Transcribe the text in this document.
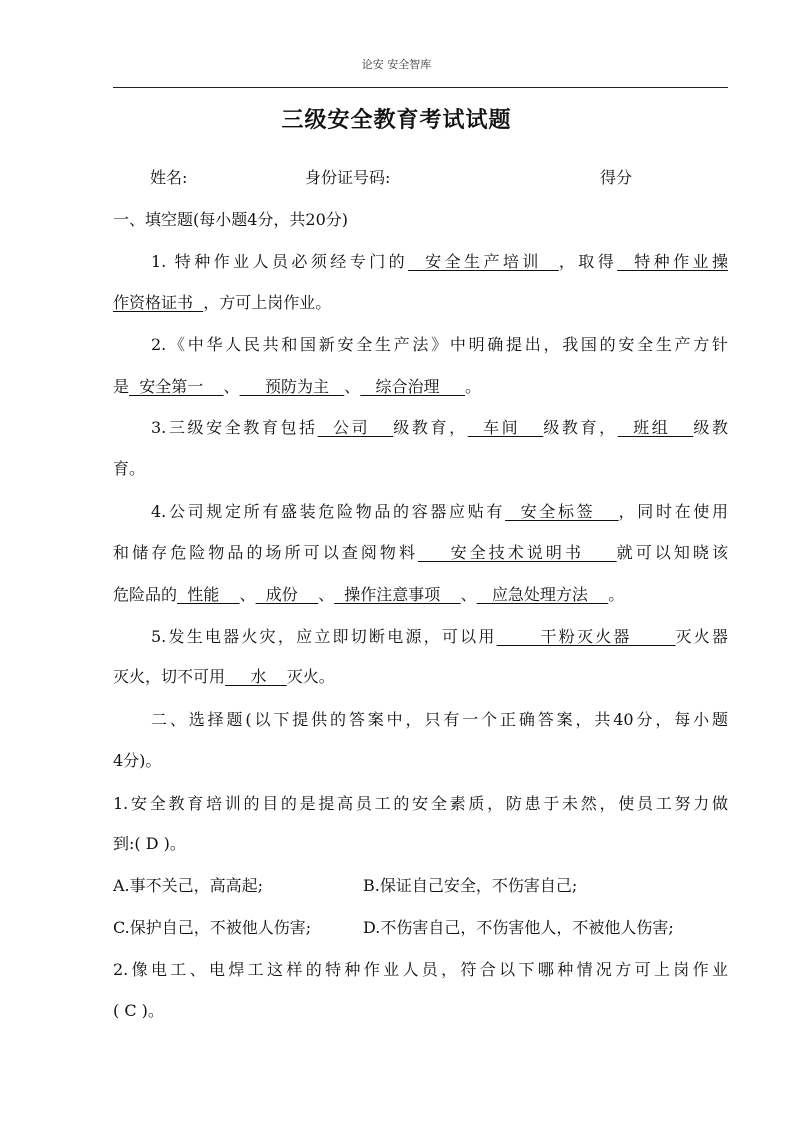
论安 安全智库
三级安全教育考试试题
姓名:	身份证号码:	得分
一、填空题(每小题4分，共20分)
1. 特种作业人员必须经专门的  安全生产培训  ，取得  特种作业操
作资格证书  ，方可上岗作业。
2.《中华人民共和国新安全生产法》中明确提出，我国的安全生产方针
是  安全第一    、     预防为主   、   综合治理     。
3.三级安全教育包括  公司   级教育，  车间   级教育，  班组   级教
育。
4.公司规定所有盛装危险物品的容器应贴有  安全标签   ，同时在使用
和储存危险物品的场所可以查阅物料    安全技术说明书    就可以知晓该
危险品的  性能    、  成份    、  操作注意事项    、   应急处理方法    。
5.发生电器火灾，应立即切断电源，可以用      干粉灭火器      灭火器
灭火，切不可用     水    灭火。
二、选择题(以下提供的答案中，只有一个正确答案，共40分，每小题
4分)。
1.安全教育培训的目的是提高员工的安全素质，防患于未然，使员工努力做
到:( D )。
A.事不关己，高高起;	B.保证自己安全，不伤害自己;
C.保护自己，不被他人伤害;	D.不伤害自己，不伤害他人，不被他人伤害;
2.像电工、电焊工这样的特种作业人员，符合以下哪种情况方可上岗作业
( C )。
